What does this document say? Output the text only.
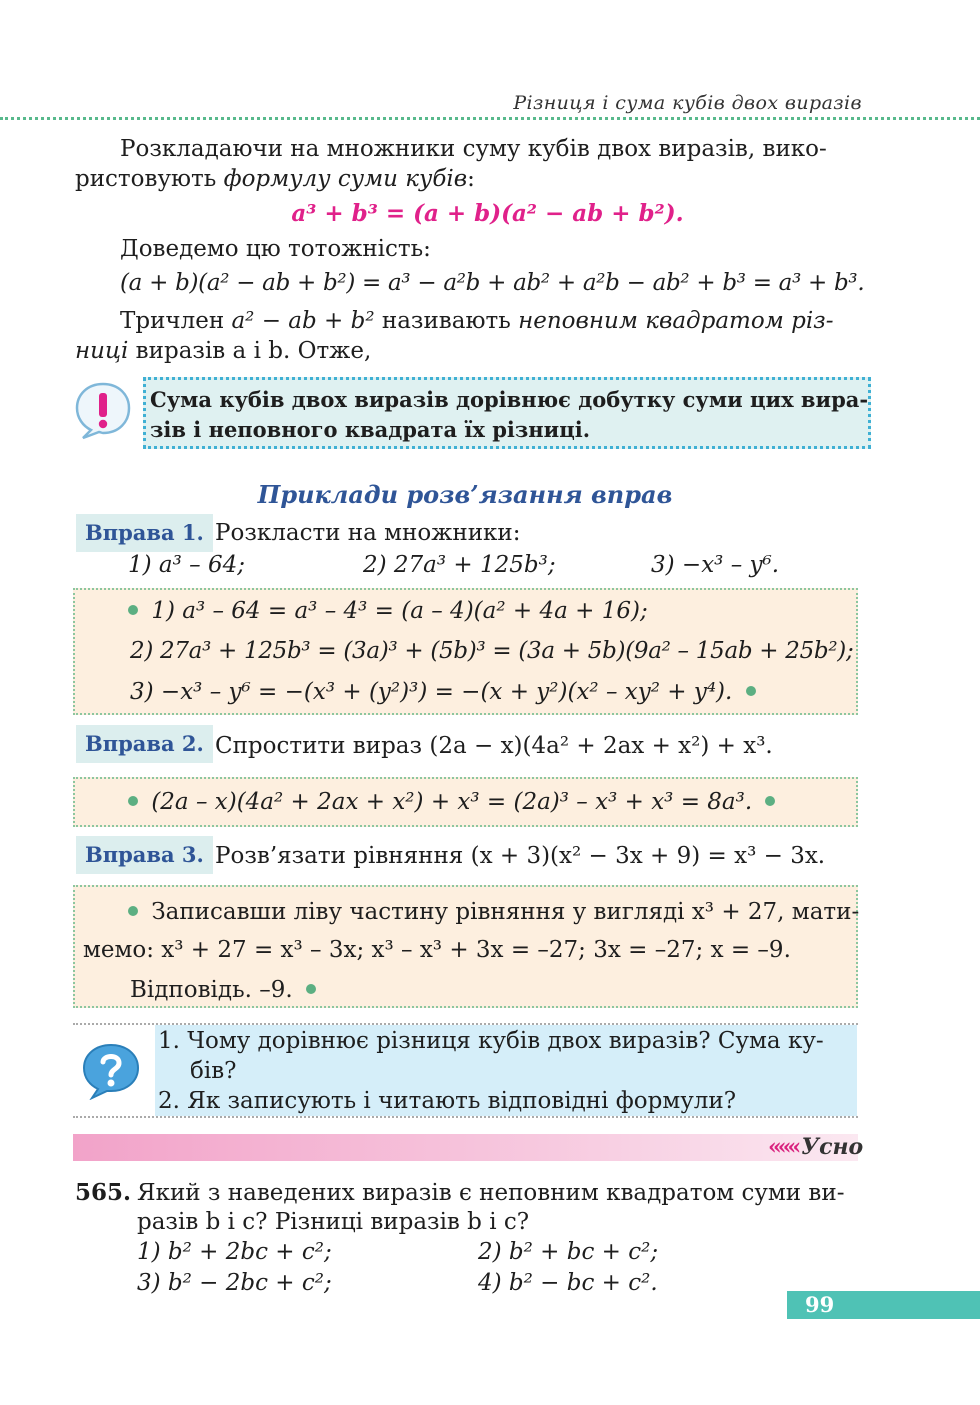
Різниця і сума кубів двох виразів
Розкладаючи на множники суму кубів двох виразів, вико-
ристовують формулу суми кубів:
a³ + b³ = (a + b)(a² − ab + b²).
Доведемо цю тотожність:
(a + b)(a² − ab + b²) = a³ − a²b + ab² + a²b − ab² + b³ = a³ + b³.
Тричлен a² − ab + b² називають неповним квадратом різ-
ниці виразів a і b. Отже,
Сума кубів двох виразів дорівнює добутку суми цих вира-
зів і неповного квадрата їх різниці.
Приклади розв’язання вправ
Вправа 1. Розкласти на множники:
1) a³ – 64;	2) 27a³ + 125b³;	3) −x³ – y⁶.
1) a³ – 64 = a³ – 4³ = (a – 4)(a² + 4a + 16);
2) 27a³ + 125b³ = (3a)³ + (5b)³ = (3a + 5b)(9a² – 15ab + 25b²);
3) −x³ – y⁶ = −(x³ + (y²)³) = −(x + y²)(x² – xy² + y⁴).
Вправа 2. Спростити вираз (2a − x)(4a² + 2ax + x²) + x³.
(2a – x)(4a² + 2ax + x²) + x³ = (2a)³ – x³ + x³ = 8a³.
Вправа 3. Розв’язати рівняння (x + 3)(x² − 3x + 9) = x³ − 3x.
Записавши ліву частину рівняння у вигляді x³ + 27, мати-
мемо: x³ + 27 = x³ – 3x; x³ – x³ + 3x = –27; 3x = –27; x = –9.
Відповідь. –9.
1. Чому дорівнює різниця кубів двох виразів? Сума ку-
бів?
2. Як записують і читають відповідні формули?
««« Усно
565. Який з наведених виразів є неповним квадратом суми ви-
разів b і c? Різниці виразів b і c?
1) b² + 2bc + c²;	2) b² + bc + c²;
3) b² − 2bc + c²;	4) b² − bc + c².
99
